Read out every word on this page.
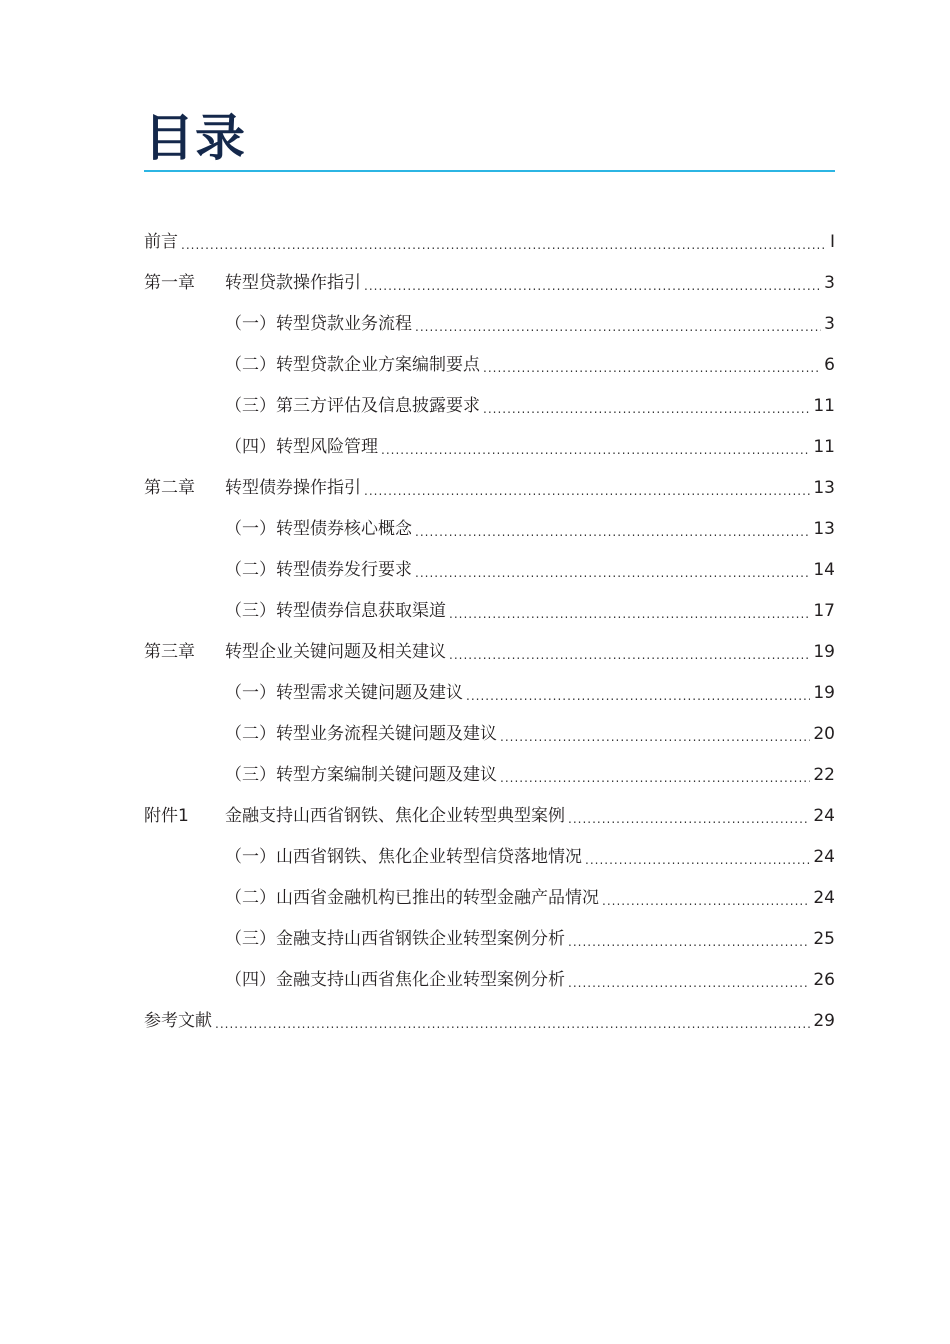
目录
前言 .....	I
第一章	转型贷款操作指引 .....	3
（一）转型贷款业务流程 .....	3
（二）转型贷款企业方案编制要点 .....	6
（三）第三方评估及信息披露要求 .....	11
（四）转型风险管理 .....	11
第二章	转型债券操作指引 .....	13
（一）转型债券核心概念 .....	13
（二）转型债券发行要求 .....	14
（三）转型债券信息获取渠道 .....	17
第三章	转型企业关键问题及相关建议 .....	19
（一）转型需求关键问题及建议 .....	19
（二）转型业务流程关键问题及建议 .....	20
（三）转型方案编制关键问题及建议 .....	22
附件1	金融支持山西省钢铁、焦化企业转型典型案例 .....	24
（一）山西省钢铁、焦化企业转型信贷落地情况 .....	24
（二）山西省金融机构已推出的转型金融产品情况 .....	24
（三）金融支持山西省钢铁企业转型案例分析 .....	25
（四）金融支持山西省焦化企业转型案例分析 .....	26
参考文献 .....	29
